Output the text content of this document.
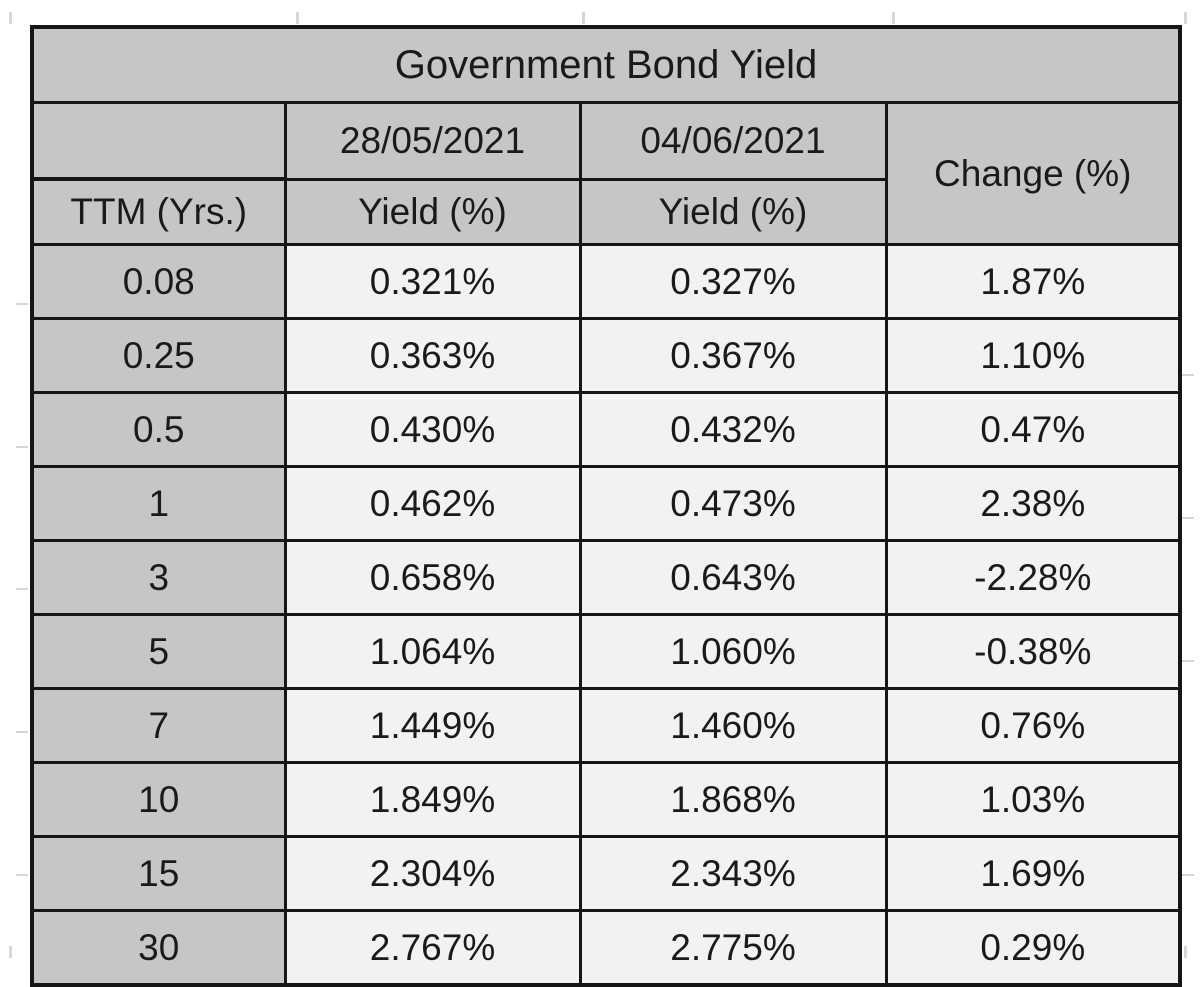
Government Bond Yield			
	28/05/2021	04/06/2021	Change (%)
TTM (Yrs.)	Yield (%)	Yield (%)	
0.08	0.321%	0.327%	1.87%
0.25	0.363%	0.367%	1.10%
0.5	0.430%	0.432%	0.47%
1	0.462%	0.473%	2.38%
3	0.658%	0.643%	-2.28%
5	1.064%	1.060%	-0.38%
7	1.449%	1.460%	0.76%
10	1.849%	1.868%	1.03%
15	2.304%	2.343%	1.69%
30	2.767%	2.775%	0.29%
